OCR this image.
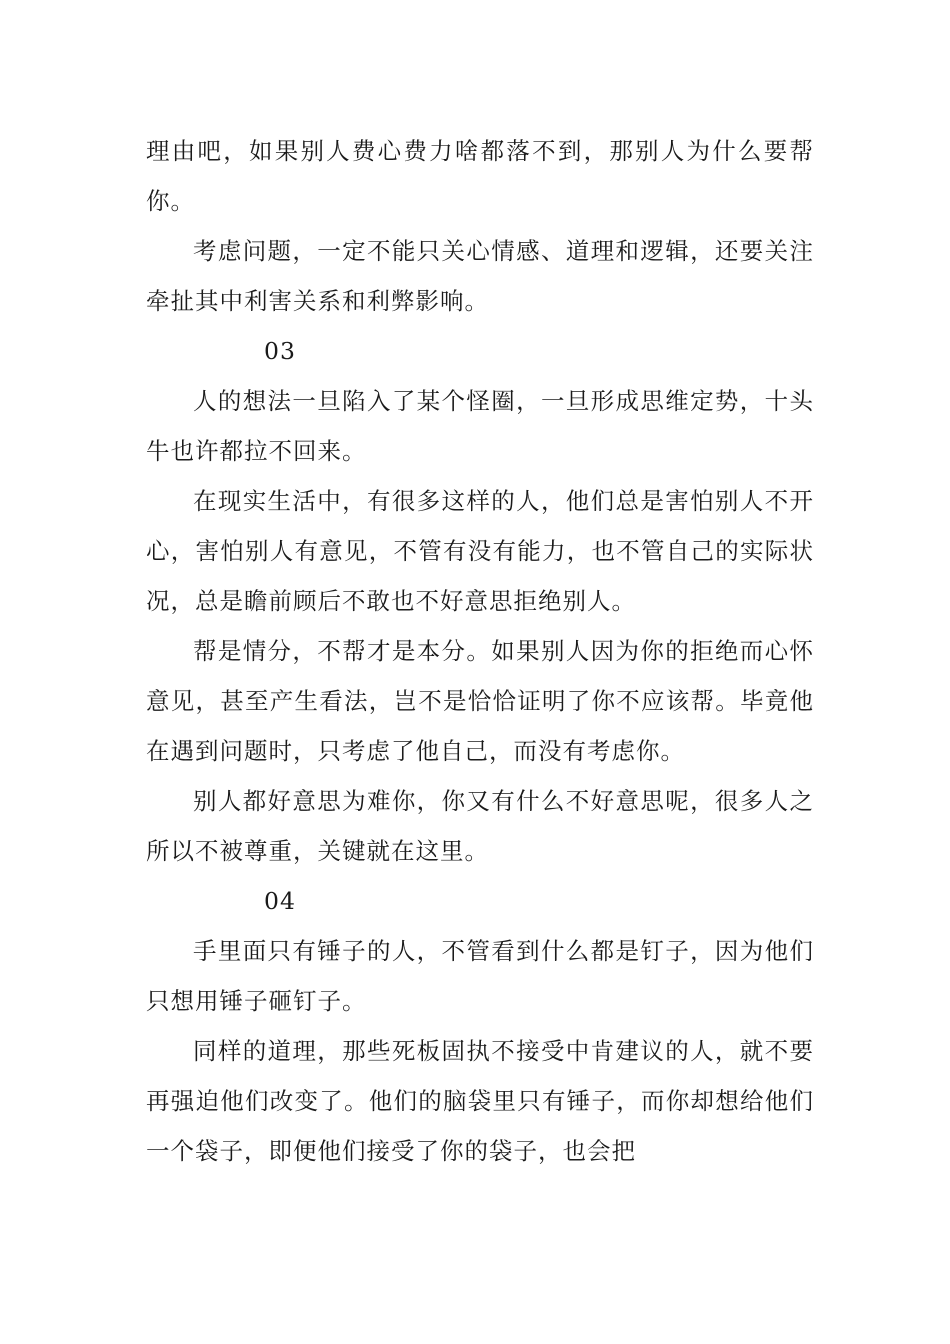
理由吧，如果别人费心费力啥都落不到，那别人为什么要帮你。

考虑问题，一定不能只关心情感、道理和逻辑，还要关注牵扯其中利害关系和利弊影响。

03

人的想法一旦陷入了某个怪圈，一旦形成思维定势，十头牛也许都拉不回来。

在现实生活中，有很多这样的人，他们总是害怕别人不开心，害怕别人有意见，不管有没有能力，也不管自己的实际状况，总是瞻前顾后不敢也不好意思拒绝别人。

帮是情分，不帮才是本分。如果别人因为你的拒绝而心怀意见，甚至产生看法，岂不是恰恰证明了你不应该帮。毕竟他在遇到问题时，只考虑了他自己，而没有考虑你。

别人都好意思为难你，你又有什么不好意思呢，很多人之所以不被尊重，关键就在这里。

04

手里面只有锤子的人，不管看到什么都是钉子，因为他们只想用锤子砸钉子。

同样的道理，那些死板固执不接受中肯建议的人，就不要再强迫他们改变了。他们的脑袋里只有锤子，而你却想给他们一个袋子，即便他们接受了你的袋子，也会把
